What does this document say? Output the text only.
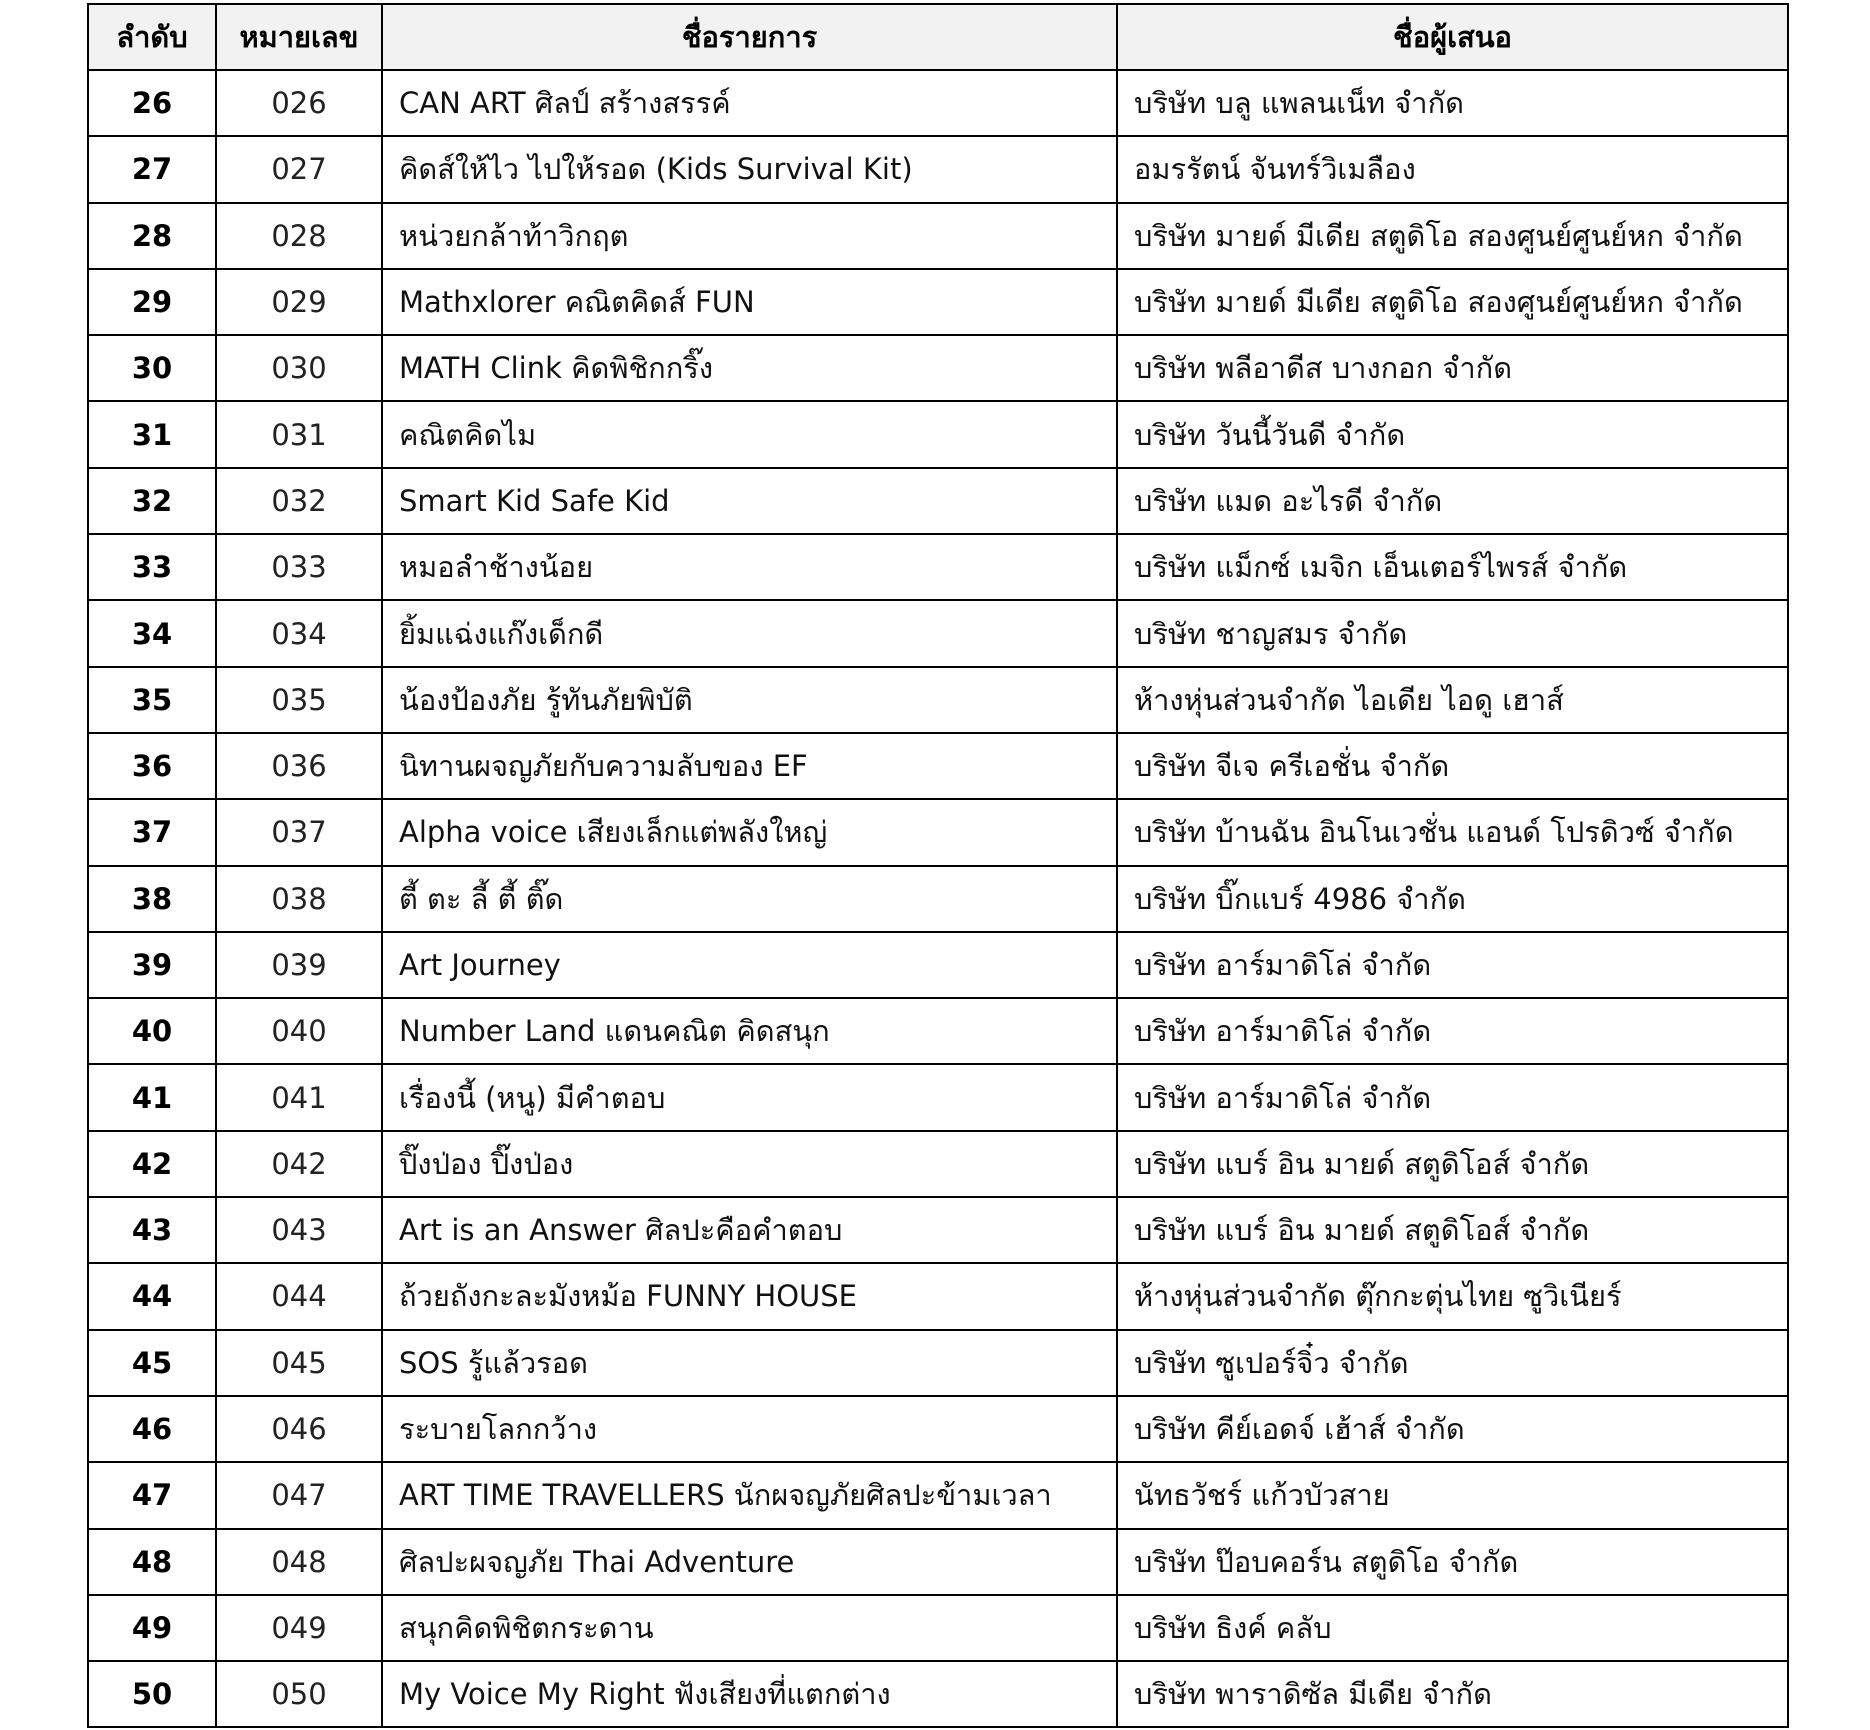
ลำดับ	หมายเลข	ชื่อรายการ	ชื่อผู้เสนอ
26	026	CAN ART ศิลป์ สร้างสรรค์	บริษัท บลู แพลนเน็ท จำกัด
27	027	คิดส์ให้ไว ไปให้รอด (Kids Survival Kit)	อมรรัตน์ จันทร์วิเมลือง
28	028	หน่วยกล้าท้าวิกฤต	บริษัท มายด์ มีเดีย สตูดิโอ สองศูนย์ศูนย์หก จำกัด
29	029	Mathxlorer คณิตคิดส์ FUN	บริษัท มายด์ มีเดีย สตูดิโอ สองศูนย์ศูนย์หก จำกัด
30	030	MATH Clink คิดพิชิกกริ๊ง	บริษัท พลีอาดีส บางกอก จำกัด
31	031	คณิตคิดไม	บริษัท วันนี้วันดี จำกัด
32	032	Smart Kid Safe Kid	บริษัท แมด อะไรดี จำกัด
33	033	หมอลำช้างน้อย	บริษัท แม็กซ์ เมจิก เอ็นเตอร์ไพรส์ จำกัด
34	034	ยิ้มแฉ่งแก๊งเด็กดี	บริษัท ชาญสมร จำกัด
35	035	น้องป้องภัย รู้ทันภัยพิบัติ	ห้างหุ่นส่วนจำกัด ไอเดีย ไอดู เฮาส์
36	036	นิทานผจญภัยกับความลับของ EF	บริษัท จีเจ ครีเอชั่น จำกัด
37	037	Alpha voice เสียงเล็กแต่พลังใหญ่	บริษัท บ้านฉัน อินโนเวชั่น แอนด์ โปรดิวซ์ จำกัด
38	038	ตี้ ตะ ลี้ ตี้ ติ๊ด	บริษัท บิ๊กแบร์ 4986 จำกัด
39	039	Art Journey	บริษัท อาร์มาดิโล่ จำกัด
40	040	Number Land แดนคณิต คิดสนุก	บริษัท อาร์มาดิโล่ จำกัด
41	041	เรื่องนี้ (หนู) มีคำตอบ	บริษัท อาร์มาดิโล่ จำกัด
42	042	ปิ๊งป่อง ปิ๊งป่อง	บริษัท แบร์ อิน มายด์ สตูดิโอส์ จำกัด
43	043	Art is an Answer ศิลปะคือคำตอบ	บริษัท แบร์ อิน มายด์ สตูดิโอส์ จำกัด
44	044	ถ้วยถังกะละมังหม้อ FUNNY HOUSE	ห้างหุ่นส่วนจำกัด ตุ๊กกะตุ่นไทย ซูวิเนียร์
45	045	SOS รู้แล้วรอด	บริษัท ซูเปอร์จิ๋ว จำกัด
46	046	ระบายโลกกว้าง	บริษัท คีย์เอดจ์ เฮ้าส์ จำกัด
47	047	ART TIME TRAVELLERS นักผจญภัยศิลปะข้ามเวลา	นัทธวัชร์ แก้วบัวสาย
48	048	ศิลปะผจญภัย Thai Adventure	บริษัท ป๊อบคอร์น สตูดิโอ จำกัด
49	049	สนุกคิดพิชิตกระดาน	บริษัท ธิงค์ คลับ
50	050	My Voice My Right ฟังเสียงที่แตกต่าง	บริษัท พาราดิซัล มีเดีย จำกัด
